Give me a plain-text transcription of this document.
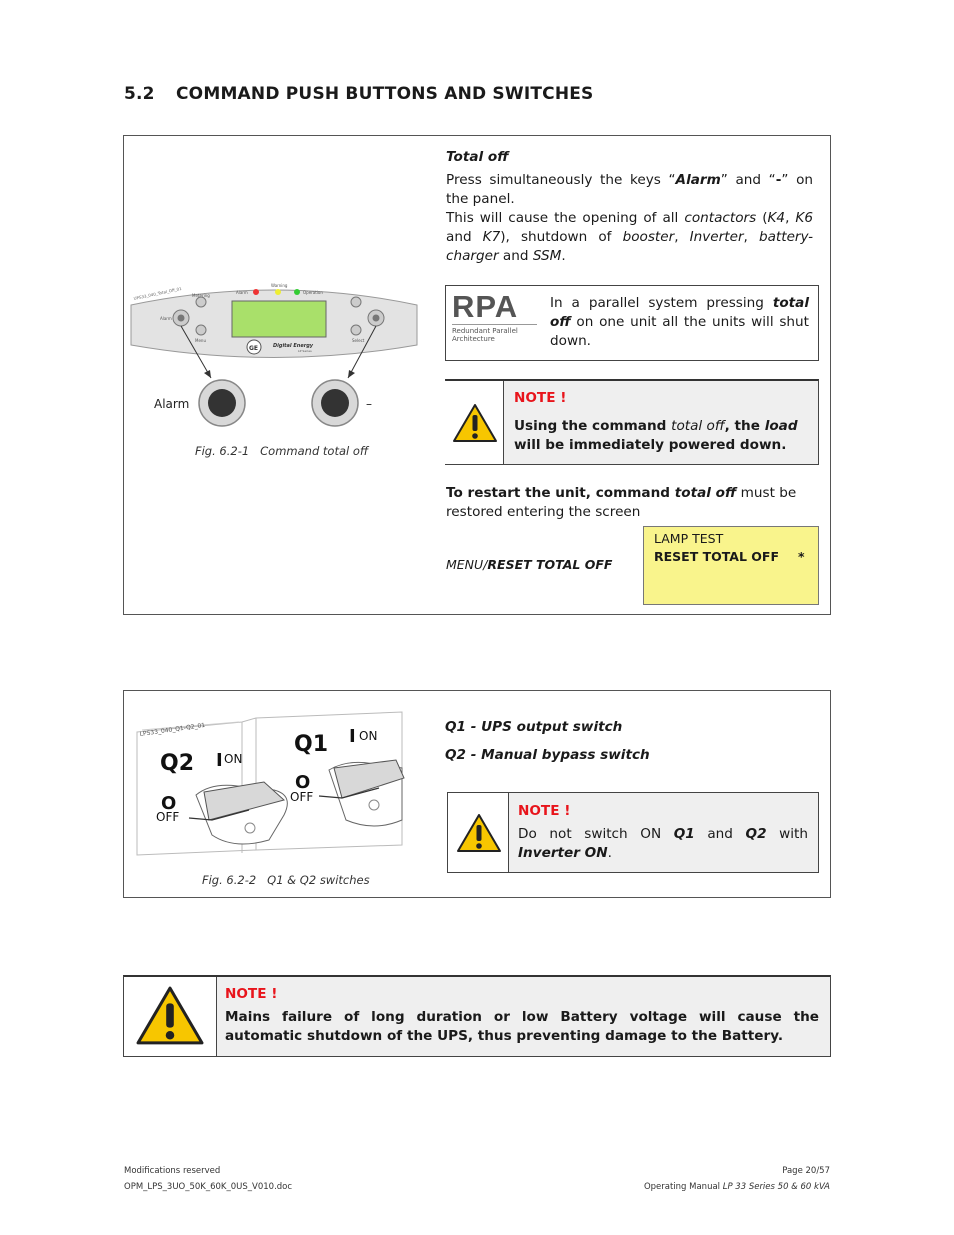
5.2 COMMAND PUSH BUTTONS AND SWITCHES
UPS33_040_Total_Off_01	Alarm
Warning
Operation
Metering
Alarm
Menu	Select
Digital Energy
LP Series
GE
Alarm	–
Fig. 6.2-1   Command total off
Total off
Press simultaneously the keys “Alarm” and “-” on the panel.
This will cause the opening of all contactors (K4, K6 and K7), shutdown of booster, Inverter, battery-charger and SSM.
RPA
Redundant Parallel
Architecture
In a parallel system pressing total off on one unit all the units will shut down.
NOTE !
Using the command total off, the load will be immediately powered down.
To restart the unit, command total off must be restored entering the screen
MENU/RESET TOTAL OFF
LAMP TEST
RESET TOTAL OFF *
LPS33_040_Q1-Q2_01
Q2 I ON
O
OFF
Q1 I ON
O
OFF
Fig. 6.2-2   Q1 & Q2 switches
Q1 - UPS output switch
Q2 - Manual bypass switch
NOTE !
Do not switch ON Q1 and Q2 with Inverter ON.
NOTE !
Mains failure of long duration or low Battery voltage will cause the automatic shutdown of the UPS, thus preventing damage to the Battery.
Modifications reserved
OPM_LPS_3UO_50K_60K_0US_V010.doc
Page 20/57
Operating Manual LP 33 Series 50 & 60 kVA
